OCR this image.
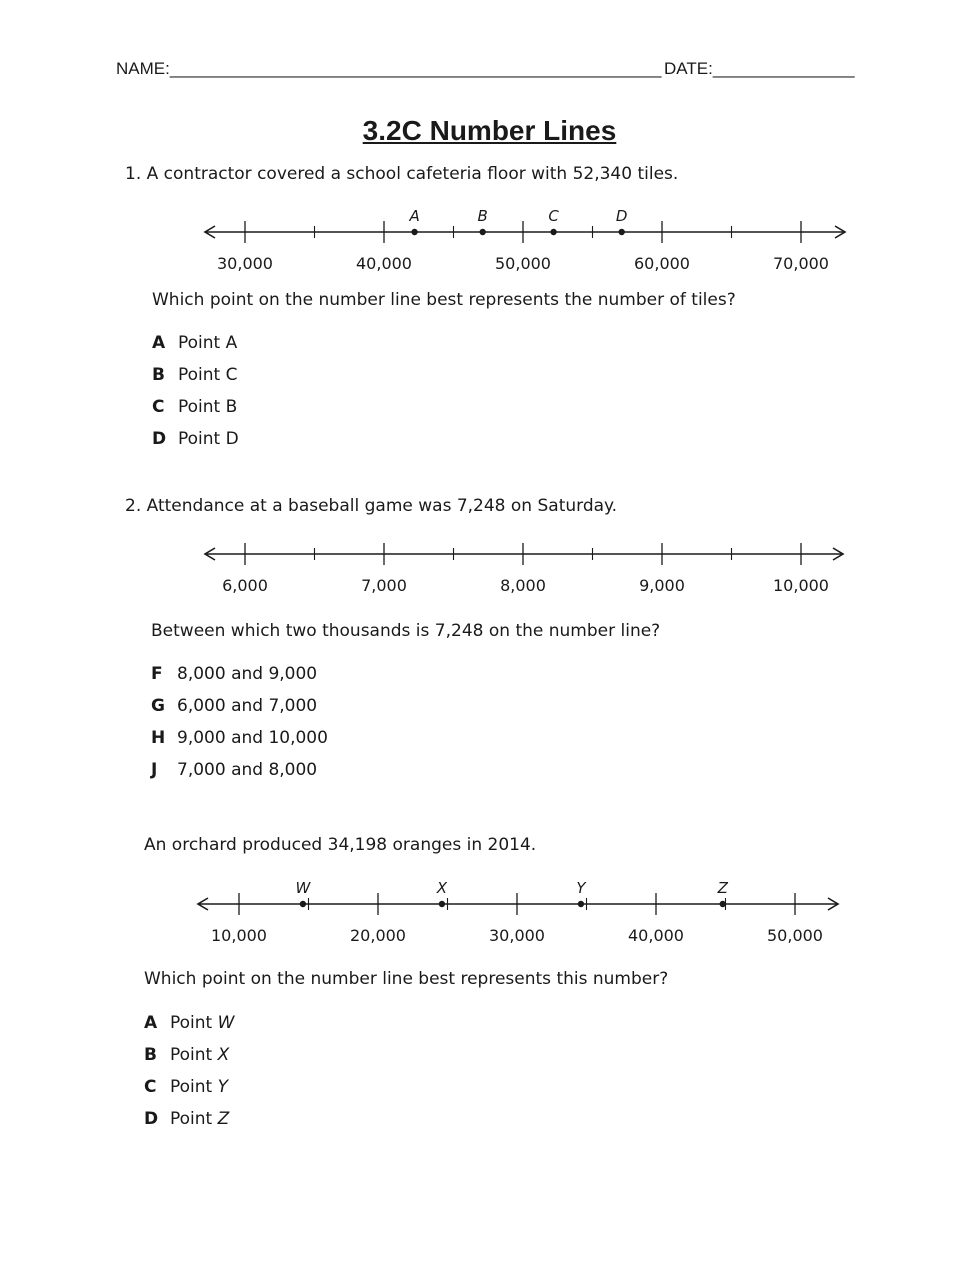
NAME:____________________________________________________ DATE:_______________
3.2C Number Lines
1. A contractor covered a school cafeteria floor with 52,340 tiles.
30,000	40,000	50,000	60,000	70,000
A	B	C	D
Which point on the number line best represents the number of tiles?
A Point A
B Point C
C Point B
D Point D
2. Attendance at a baseball game was 7,248 on Saturday.
6,000	7,000	8,000	9,000	10,000
Between which two thousands is 7,248 on the number line?
F 8,000 and 9,000
G 6,000 and 7,000
H 9,000 and 10,000
J 7,000 and 8,000
An orchard produced 34,198 oranges in 2014.
10,000	20,000	30,000	40,000	50,000
W	X	Y	Z
Which point on the number line best represents this number?
A Point W
B Point X
C Point Y
D Point Z
